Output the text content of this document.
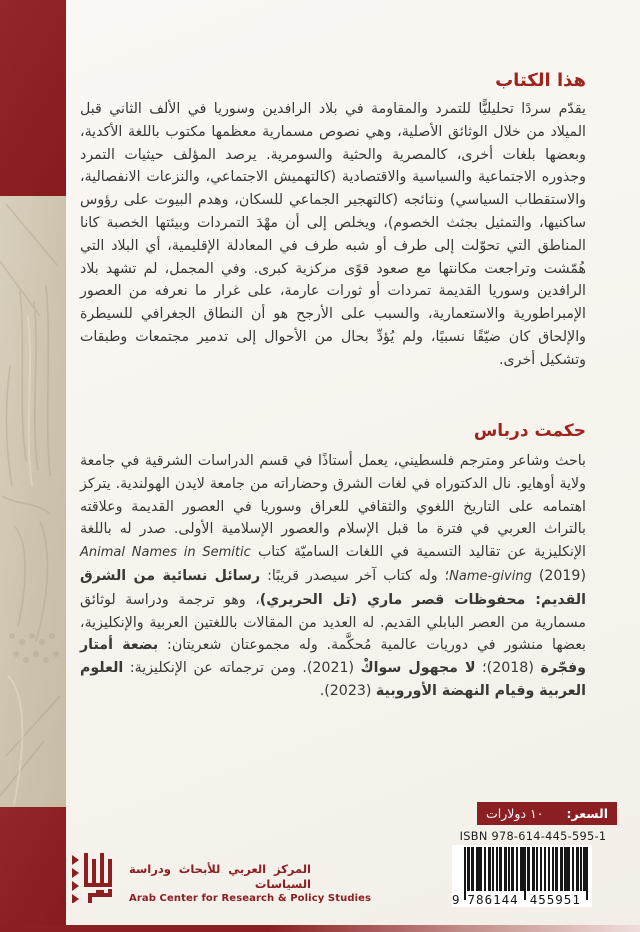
هذا الكتاب
يقدّم سردًا تحليليًّا للتمرد والمقاومة في بلاد الرافدين وسوريا في الألف الثاني قبل الميلاد من خلال الوثائق الأصلية، وهي نصوص مسمارية معظمها مكتوب باللغة الأكدية، وبعضها بلغات أخرى، كالمصرية والحثية والسومرية. يرصد المؤلف حيثيات التمرد وجذوره الاجتماعية والسياسية والاقتصادية (كالتهميش الاجتماعي، والنزعات الانفصالية، والاستقطاب السياسي) ونتائجه (كالتهجير الجماعي للسكان، وهدم البيوت على رؤوس ساكنيها، والتمثيل بجثث الخصوم)، ويخلص إلى أن مهْدَ التمردات وبيئتها الخصبة كانا المناطق التي تحوّلت إلى طرف أو شبه طرف في المعادلة الإقليمية، أي البلاد التي هُمّشت وتراجعت مكانتها مع صعود قوًى مركزية كبرى. وفي المجمل، لم تشهد بلاد الرافدين وسوريا القديمة تمردات أو ثورات عارمة، على غرار ما نعرفه من العصور الإمبراطورية والاستعمارية، والسبب على الأرجح هو أن النطاق الجغرافي للسيطرة والإلحاق كان ضيّقًا نسبيًا، ولم يُؤدِّ بحال من الأحوال إلى تدمير مجتمعات وطبقات وتشكيل أخرى.
حكمت درباس
باحث وشاعر ومترجم فلسطيني، يعمل أستاذًا في قسم الدراسات الشرقية في جامعة ولاية أوهايو. نال الدكتوراه في لغات الشرق وحضاراته من جامعة لايدن الهولندية. يتركز اهتمامه على التاريخ اللغوي والثقافي للعراق وسوريا في العصور القديمة وعلاقته بالتراث العربي في فترة ما قبل الإسلام والعصور الإسلامية الأولى. صدر له باللغة الإنكليزية عن تقاليد التسمية في اللغات الساميّة كتاب Animal Names in Semitic Name-giving (2019)؛ وله كتاب آخر سيصدر قريبًا: رسائل نسائية من الشرق القديم: محفوظات قصر ماري (تل الحريري)، وهو ترجمة ودراسة لوثائق مسمارية من العصر البابلي القديم. له العديد من المقالات باللغتين العربية والإنكليزية، بعضها منشور في دوريات عالمية مُحكَّمة. وله مجموعتان شعريتان: بضعة أمتار وفجّرة (2018)؛ لا مجهول سواكْ (2021). ومن ترجماته عن الإنكليزية: العلوم العربية وقيام النهضة الأوروبية (2023).
السعر:
١٠ دولارات
ISBN 978-614-445-595-1
9 786144 455951
المركز العربي للأبحاث ودراسة السياسات
Arab Center for Research & Policy Studies
